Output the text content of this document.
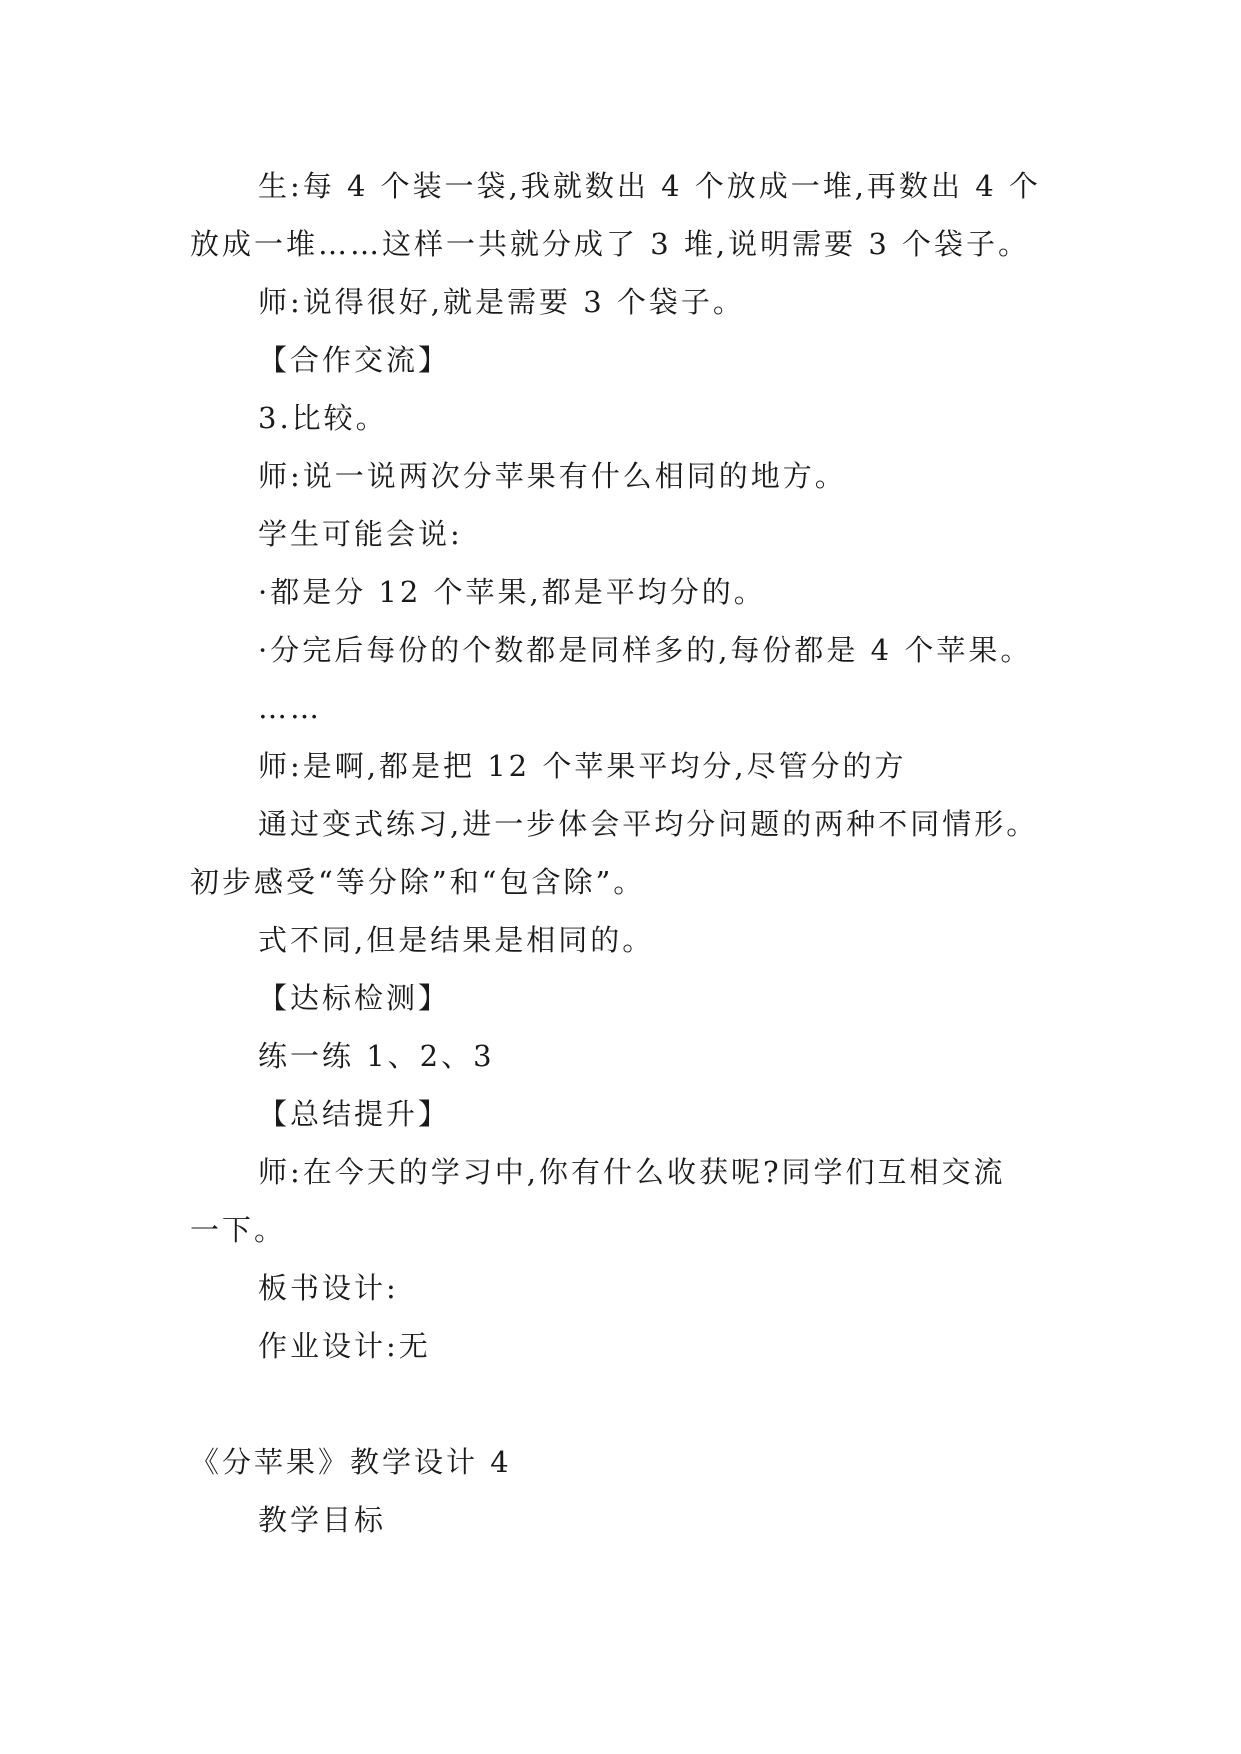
生:每 4 个装一袋,我就数出 4 个放成一堆,再数出 4 个
放成一堆……这样一共就分成了 3 堆,说明需要 3 个袋子。
师:说得很好,就是需要 3 个袋子。
【合作交流】
3.比较。
师:说一说两次分苹果有什么相同的地方。
学生可能会说:
·都是分 12 个苹果,都是平均分的。
·分完后每份的个数都是同样多的,每份都是 4 个苹果。
……
师:是啊,都是把 12 个苹果平均分,尽管分的方
通过变式练习,进一步体会平均分问题的两种不同情形。
初步感受“等分除”和“包含除”。
式不同,但是结果是相同的。
【达标检测】
练一练 1、2、3
【总结提升】
师:在今天的学习中,你有什么收获呢?同学们互相交流
一下。
板书设计:
作业设计:无
《分苹果》教学设计 4
教学目标
